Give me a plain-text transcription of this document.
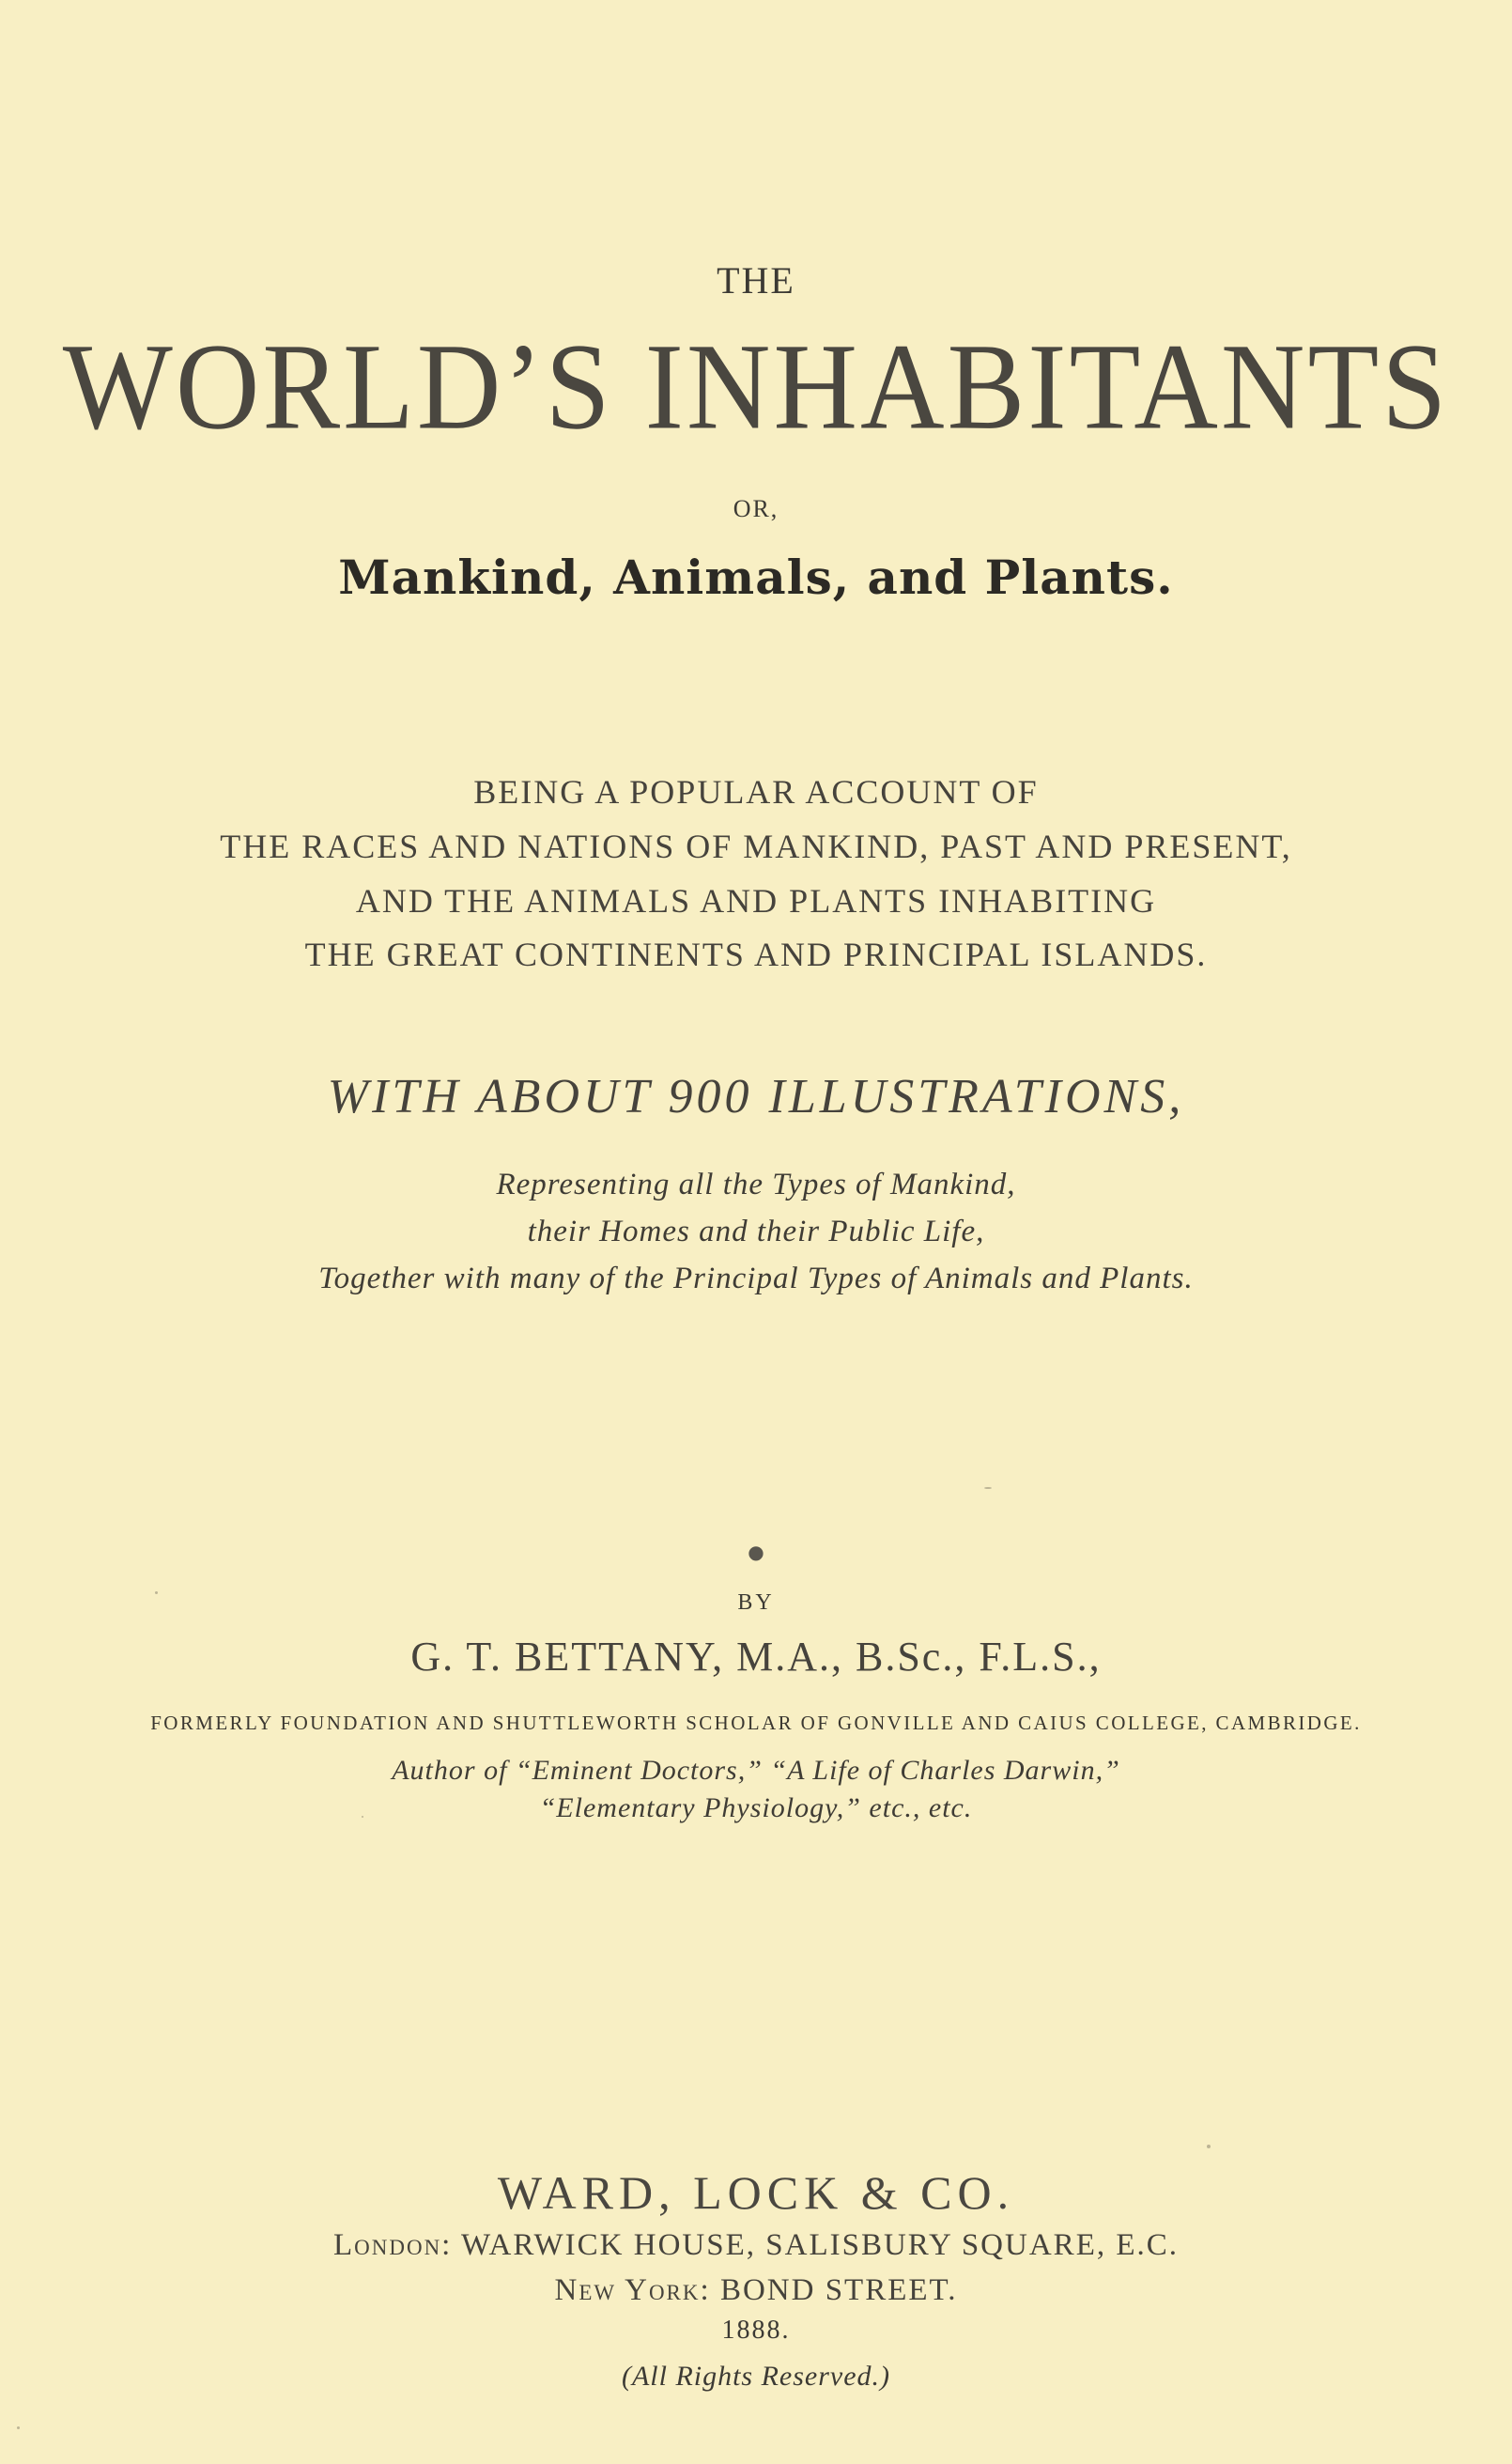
THE
WORLD’S INHABITANTS
OR,
Mankind, Animals, and Plants.
BEING A POPULAR ACCOUNT OF
THE RACES AND NATIONS OF MANKIND, PAST AND PRESENT,
AND THE ANIMALS AND PLANTS INHABITING
THE GREAT CONTINENTS AND PRINCIPAL ISLANDS.
WITH ABOUT 900 ILLUSTRATIONS,
Representing all the Types of Mankind,
their Homes and their Public Life,
Together with many of the Principal Types of Animals and Plants.
●
BY
G. T. BETTANY, M.A., B.Sc., F.L.S.,
FORMERLY FOUNDATION AND SHUTTLEWORTH SCHOLAR OF GONVILLE AND CAIUS COLLEGE, CAMBRIDGE.
Author of “Eminent Doctors,” “A Life of Charles Darwin,”
“Elementary Physiology,” etc., etc.
WARD, LOCK & CO.
London: WARWICK HOUSE, SALISBURY SQUARE, E.C.
New York: BOND STREET.
1888.
(All Rights Reserved.)
